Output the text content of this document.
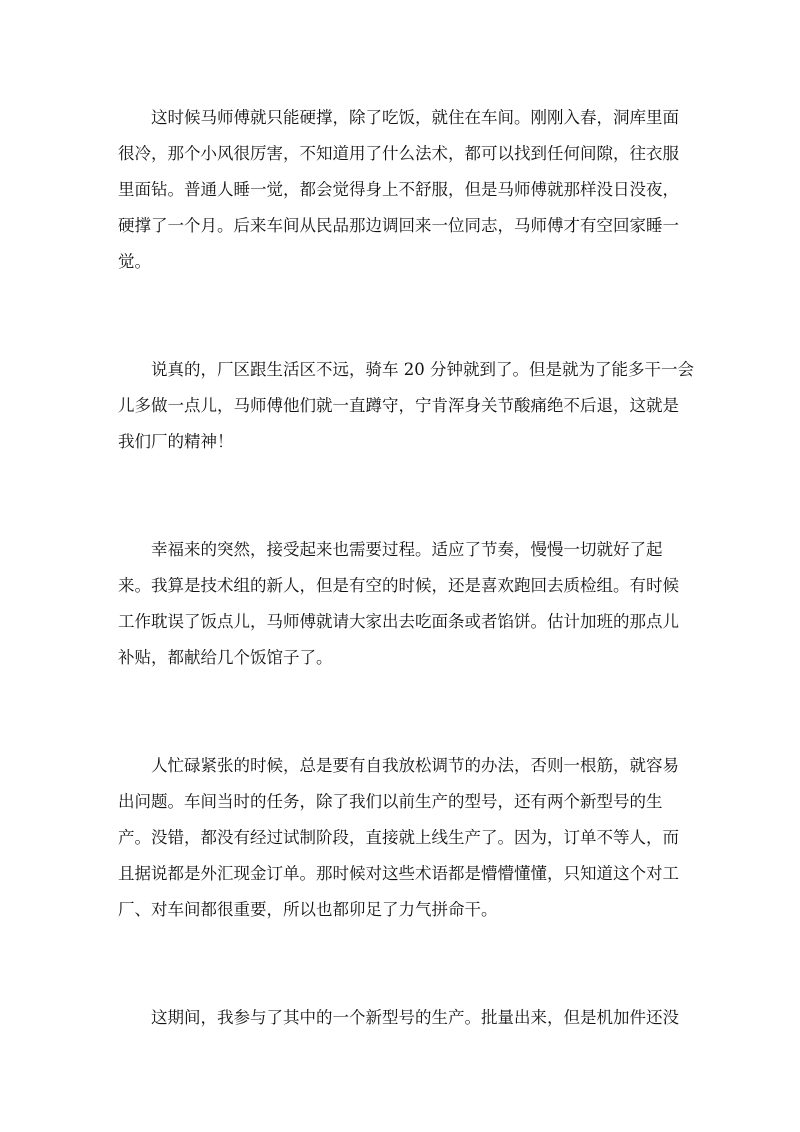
这时候马师傅就只能硬撑，除了吃饭，就住在车间。刚刚入春，洞库里面
很冷，那个小风很厉害，不知道用了什么法术，都可以找到任何间隙，往衣服
里面钻。普通人睡一觉，都会觉得身上不舒服，但是马师傅就那样没日没夜，
硬撑了一个月。后来车间从民品那边调回来一位同志，马师傅才有空回家睡一
觉。
说真的，厂区跟生活区不远，骑车 20 分钟就到了。但是就为了能多干一会
儿多做一点儿，马师傅他们就一直蹲守，宁肯浑身关节酸痛绝不后退，这就是
我们厂的精神！
幸福来的突然，接受起来也需要过程。适应了节奏，慢慢一切就好了起
来。我算是技术组的新人，但是有空的时候，还是喜欢跑回去质检组。有时候
工作耽误了饭点儿，马师傅就请大家出去吃面条或者馅饼。估计加班的那点儿
补贴，都献给几个饭馆子了。
人忙碌紧张的时候，总是要有自我放松调节的办法，否则一根筋，就容易
出问题。车间当时的任务，除了我们以前生产的型号，还有两个新型号的生
产。没错，都没有经过试制阶段，直接就上线生产了。因为，订单不等人，而
且据说都是外汇现金订单。那时候对这些术语都是懵懵懂懂，只知道这个对工
厂、对车间都很重要，所以也都卯足了力气拼命干。
这期间，我参与了其中的一个新型号的生产。批量出来，但是机加件还没
